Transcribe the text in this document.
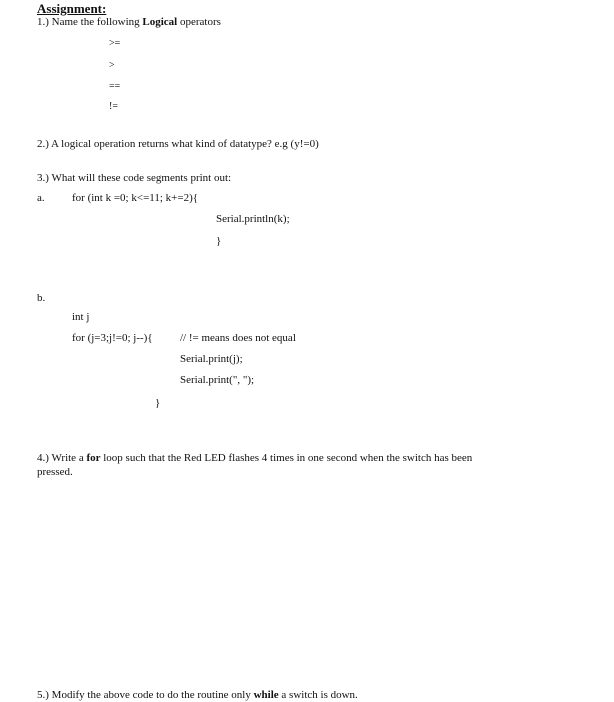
Assignment:
1.) Name the following Logical operators
>=
>
==
!=
2.) A logical operation returns what kind of datatype? e.g (y!=0)
3.) What will these code segments print out:
a. for (int k =0; k<=11; k+=2){
Serial.println(k);
}
b.
int j
for (j=3;j!=0; j--){ // != means does not equal
Serial.print(j);
Serial.print(", ");
}
4.) Write a for loop such that the Red LED flashes 4 times in one second when the switch has been
pressed.
5.) Modify the above code to do the routine only while a switch is down.
